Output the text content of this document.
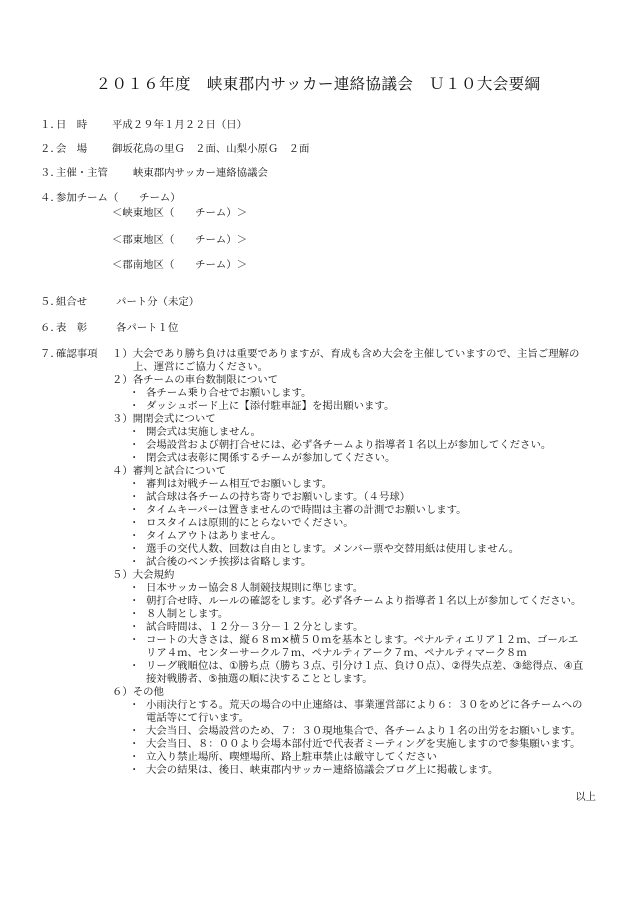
２０１６年度　峡東郡内サッカー連絡協議会　Ｕ１０大会要綱
１．
日　時 平成２９年１月２２日（日）
２．
会　場 御坂花鳥の里Ｇ　２面、山梨小原Ｇ　２面
３．
主催・主管 峡東郡内サッカー連絡協議会
４．
参加チーム（　　チーム）
＜峡東地区（　　チーム）＞
＜郡東地区（　　チーム）＞
＜郡南地区（　　チーム）＞
５．
組合せ	パート分（未定）
６．
表　彰	各パート１位
７．
確認事項 １）大会であり勝ち負けは重要でありますが、育成も含め大会を主催していますので、主旨ご理解の
上、運営にご協力ください。
２）各チームの車台数制限について
・ 各チーム乗り合せでお願いします。
・ ダッシュボード上に【添付駐車証】を掲出願います。
３）開閉会式について
・ 開会式は実施しません。
・ 会場設営および朝打合せには、必ず各チームより指導者１名以上が参加してください。
・ 閉会式は表彰に関係するチームが参加してください。
４）審判と試合について
・ 審判は対戦チーム相互でお願いします。
・ 試合球は各チームの持ち寄りでお願いします。（４号球）
・ タイムキーパーは置きませんので時間は主審の計測でお願いします。
・ ロスタイムは原則的にとらないでください。
・ タイムアウトはありません。
・ 選手の交代人数、回数は自由とします。メンバー票や交替用紙は使用しません。
・ 試合後のベンチ挨拶は省略します。
５）大会規約
・ 日本サッカー協会８人制競技規則に準じます。
・ 朝打合せ時、ルールの確認をします。必ず各チームより指導者１名以上が参加してください。
・ ８人制とします。
・ 試合時間は、１２分－３分－１２分とします。
・ コートの大きさは、縦６８ｍ×横５０ｍを基本とします。ペナルティエリア１２ｍ、ゴールエ
リア４ｍ、センターサークル７ｍ、ペナルティアーク７ｍ、ペナルティマーク８ｍ
・ リーグ戦順位は、①勝ち点（勝ち３点、引分け１点、負け０点）、②得失点差、③総得点、④直
接対戦勝者、⑤抽選の順に決することとします。
６）その他
・ 小雨決行とする。荒天の場合の中止連絡は、事業運営部により６：３０をめどに各チームへの
電話等にて行います。
・ 大会当日、会場設営のため、７：３０現地集合で、各チームより１名の出労をお願いします。
・ 大会当日、８：００より会場本部付近で代表者ミーティングを実施しますので参集願います。
・ 立入り禁止場所、喫煙場所、路上駐車禁止は厳守してください
・ 大会の結果は、後日、峡東郡内サッカー連絡協議会ブログ上に掲載します。
以上
